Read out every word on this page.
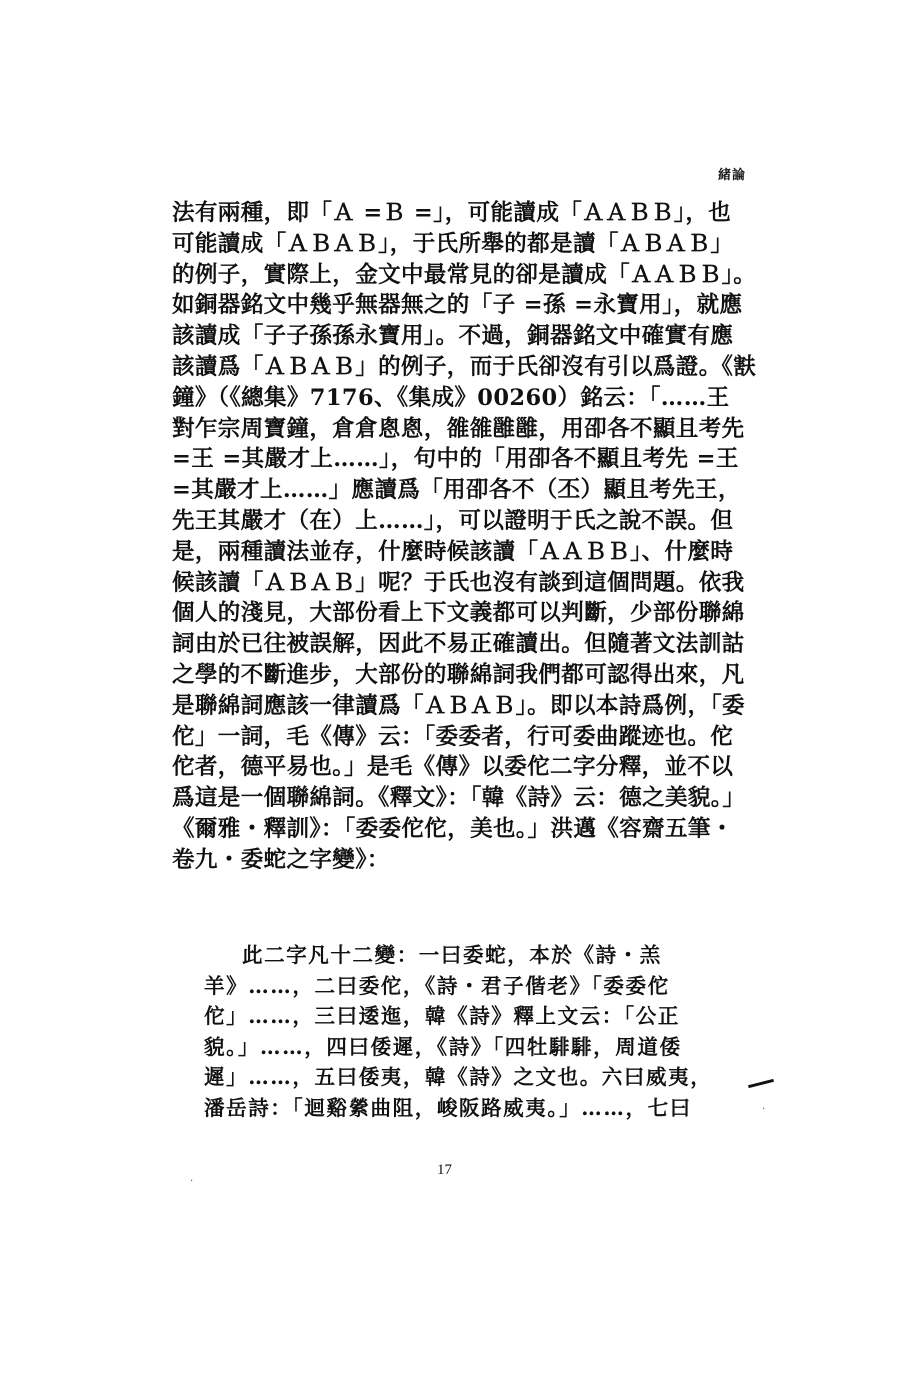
緒論
法有兩種，即「Ａ =Ｂ =」，可能讀成「ＡＡＢＢ」，也
可能讀成「ＡＢＡＢ」，于氏所舉的都是讀「ＡＢＡＢ」
的例子，實際上，金文中最常見的卻是讀成「ＡＡＢＢ」。
如銅器銘文中幾乎無器無之的「子 =孫 =永寶用」，就應
該讀成「子子孫孫永寶用」。不過，銅器銘文中確實有應
該讀爲「ＡＢＡＢ」的例子，而于氏卻沒有引以爲證。《㝬
鐘》（《總集》7176、《集成》00260）銘云：「……王
對乍宗周寶鐘，倉倉悤悤，雒雒雝雝，用卲各不顯且考先
=王 =其嚴才上……」，句中的「用卲各不顯且考先 =王
=其嚴才上……」應讀爲「用卲各不（丕）顯且考先王，
先王其嚴才（在）上……」，可以證明于氏之說不誤。但
是，兩種讀法並存，什麼時候該讀「ＡＡＢＢ」、什麼時
候該讀「ＡＢＡＢ」呢？于氏也沒有談到這個問題。依我
個人的淺見，大部份看上下文義都可以判斷，少部份聯綿
詞由於已往被誤解，因此不易正確讀出。但隨著文法訓詁
之學的不斷進步，大部份的聯綿詞我們都可認得出來，凡
是聯綿詞應該一律讀爲「ＡＢＡＢ」。即以本詩爲例，「委
佗」一詞，毛《傳》云：「委委者，行可委曲蹤迹也。佗
佗者，德平易也。」是毛《傳》以委佗二字分釋，並不以
爲這是一個聯綿詞。《釋文》：「韓《詩》云：德之美貌。」
《爾雅・釋訓》：「委委佗佗，美也。」洪邁《容齋五筆・
卷九・委蛇之字變》：
此二字凡十二變：一曰委蛇，本於《詩・羔
羊》……，二曰委佗，《詩・君子偕老》「委委佗
佗」……，三曰逶迤，韓《詩》釋上文云：「公正
貌。」……，四曰倭遲，《詩》「四牡騑騑，周道倭
遲」……，五曰倭夷，韓《詩》之文也。六曰威夷，
潘岳詩：「迴谿縈曲阻，峻阪路威夷。」……，七曰	·
·
17
